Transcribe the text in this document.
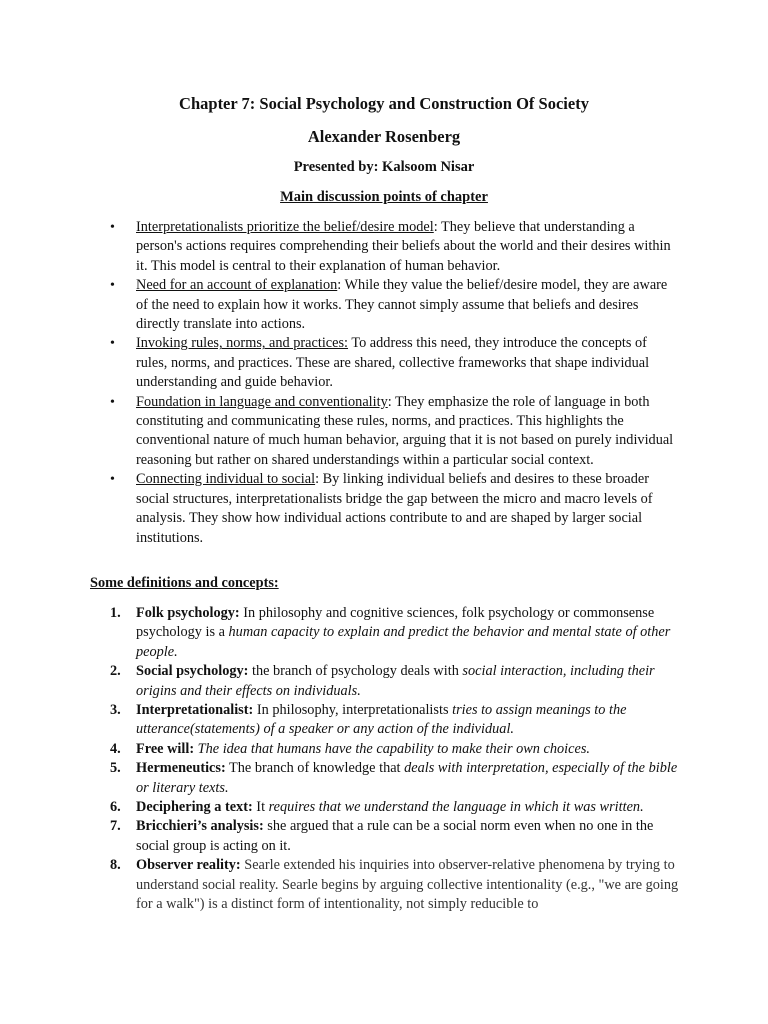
Chapter 7: Social Psychology and Construction Of Society
Alexander Rosenberg

Presented by: Kalsoom Nisar

Main discussion points of chapter

• Interpretationalists prioritize the belief/desire model: They believe that understanding a person's actions requires comprehending their beliefs about the world and their desires within it. This model is central to their explanation of human behavior.
• Need for an account of explanation: While they value the belief/desire model, they are aware of the need to explain how it works. They cannot simply assume that beliefs and desires directly translate into actions.
• Invoking rules, norms, and practices: To address this need, they introduce the concepts of rules, norms, and practices. These are shared, collective frameworks that shape individual understanding and guide behavior.
• Foundation in language and conventionality: They emphasize the role of language in both constituting and communicating these rules, norms, and practices. This highlights the conventional nature of much human behavior, arguing that it is not based on purely individual reasoning but rather on shared understandings within a particular social context.
• Connecting individual to social: By linking individual beliefs and desires to these broader social structures, interpretationalists bridge the gap between the micro and macro levels of analysis. They show how individual actions contribute to and are shaped by larger social institutions.

Some definitions and concepts:

1. Folk psychology: In philosophy and cognitive sciences, folk psychology or commonsense psychology is a human capacity to explain and predict the behavior and mental state of other people.
2. Social psychology: the branch of psychology deals with social interaction, including their origins and their effects on individuals.
3. Interpretationalist: In philosophy, interpretationalists tries to assign meanings to the utterance(statements) of a speaker or any action of the individual.
4. Free will: The idea that humans have the capability to make their own choices.
5. Hermeneutics: The branch of knowledge that deals with interpretation, especially of the bible or literary texts.
6. Deciphering a text: It requires that we understand the language in which it was written.
7. Bricchieri’s analysis: she argued that a rule can be a social norm even when no one in the social group is acting on it.
8. Observer reality: Searle extended his inquiries into observer-relative phenomena by trying to understand social reality. Searle begins by arguing collective intentionality (e.g., "we are going for a walk") is a distinct form of intentionality, not simply reducible to
